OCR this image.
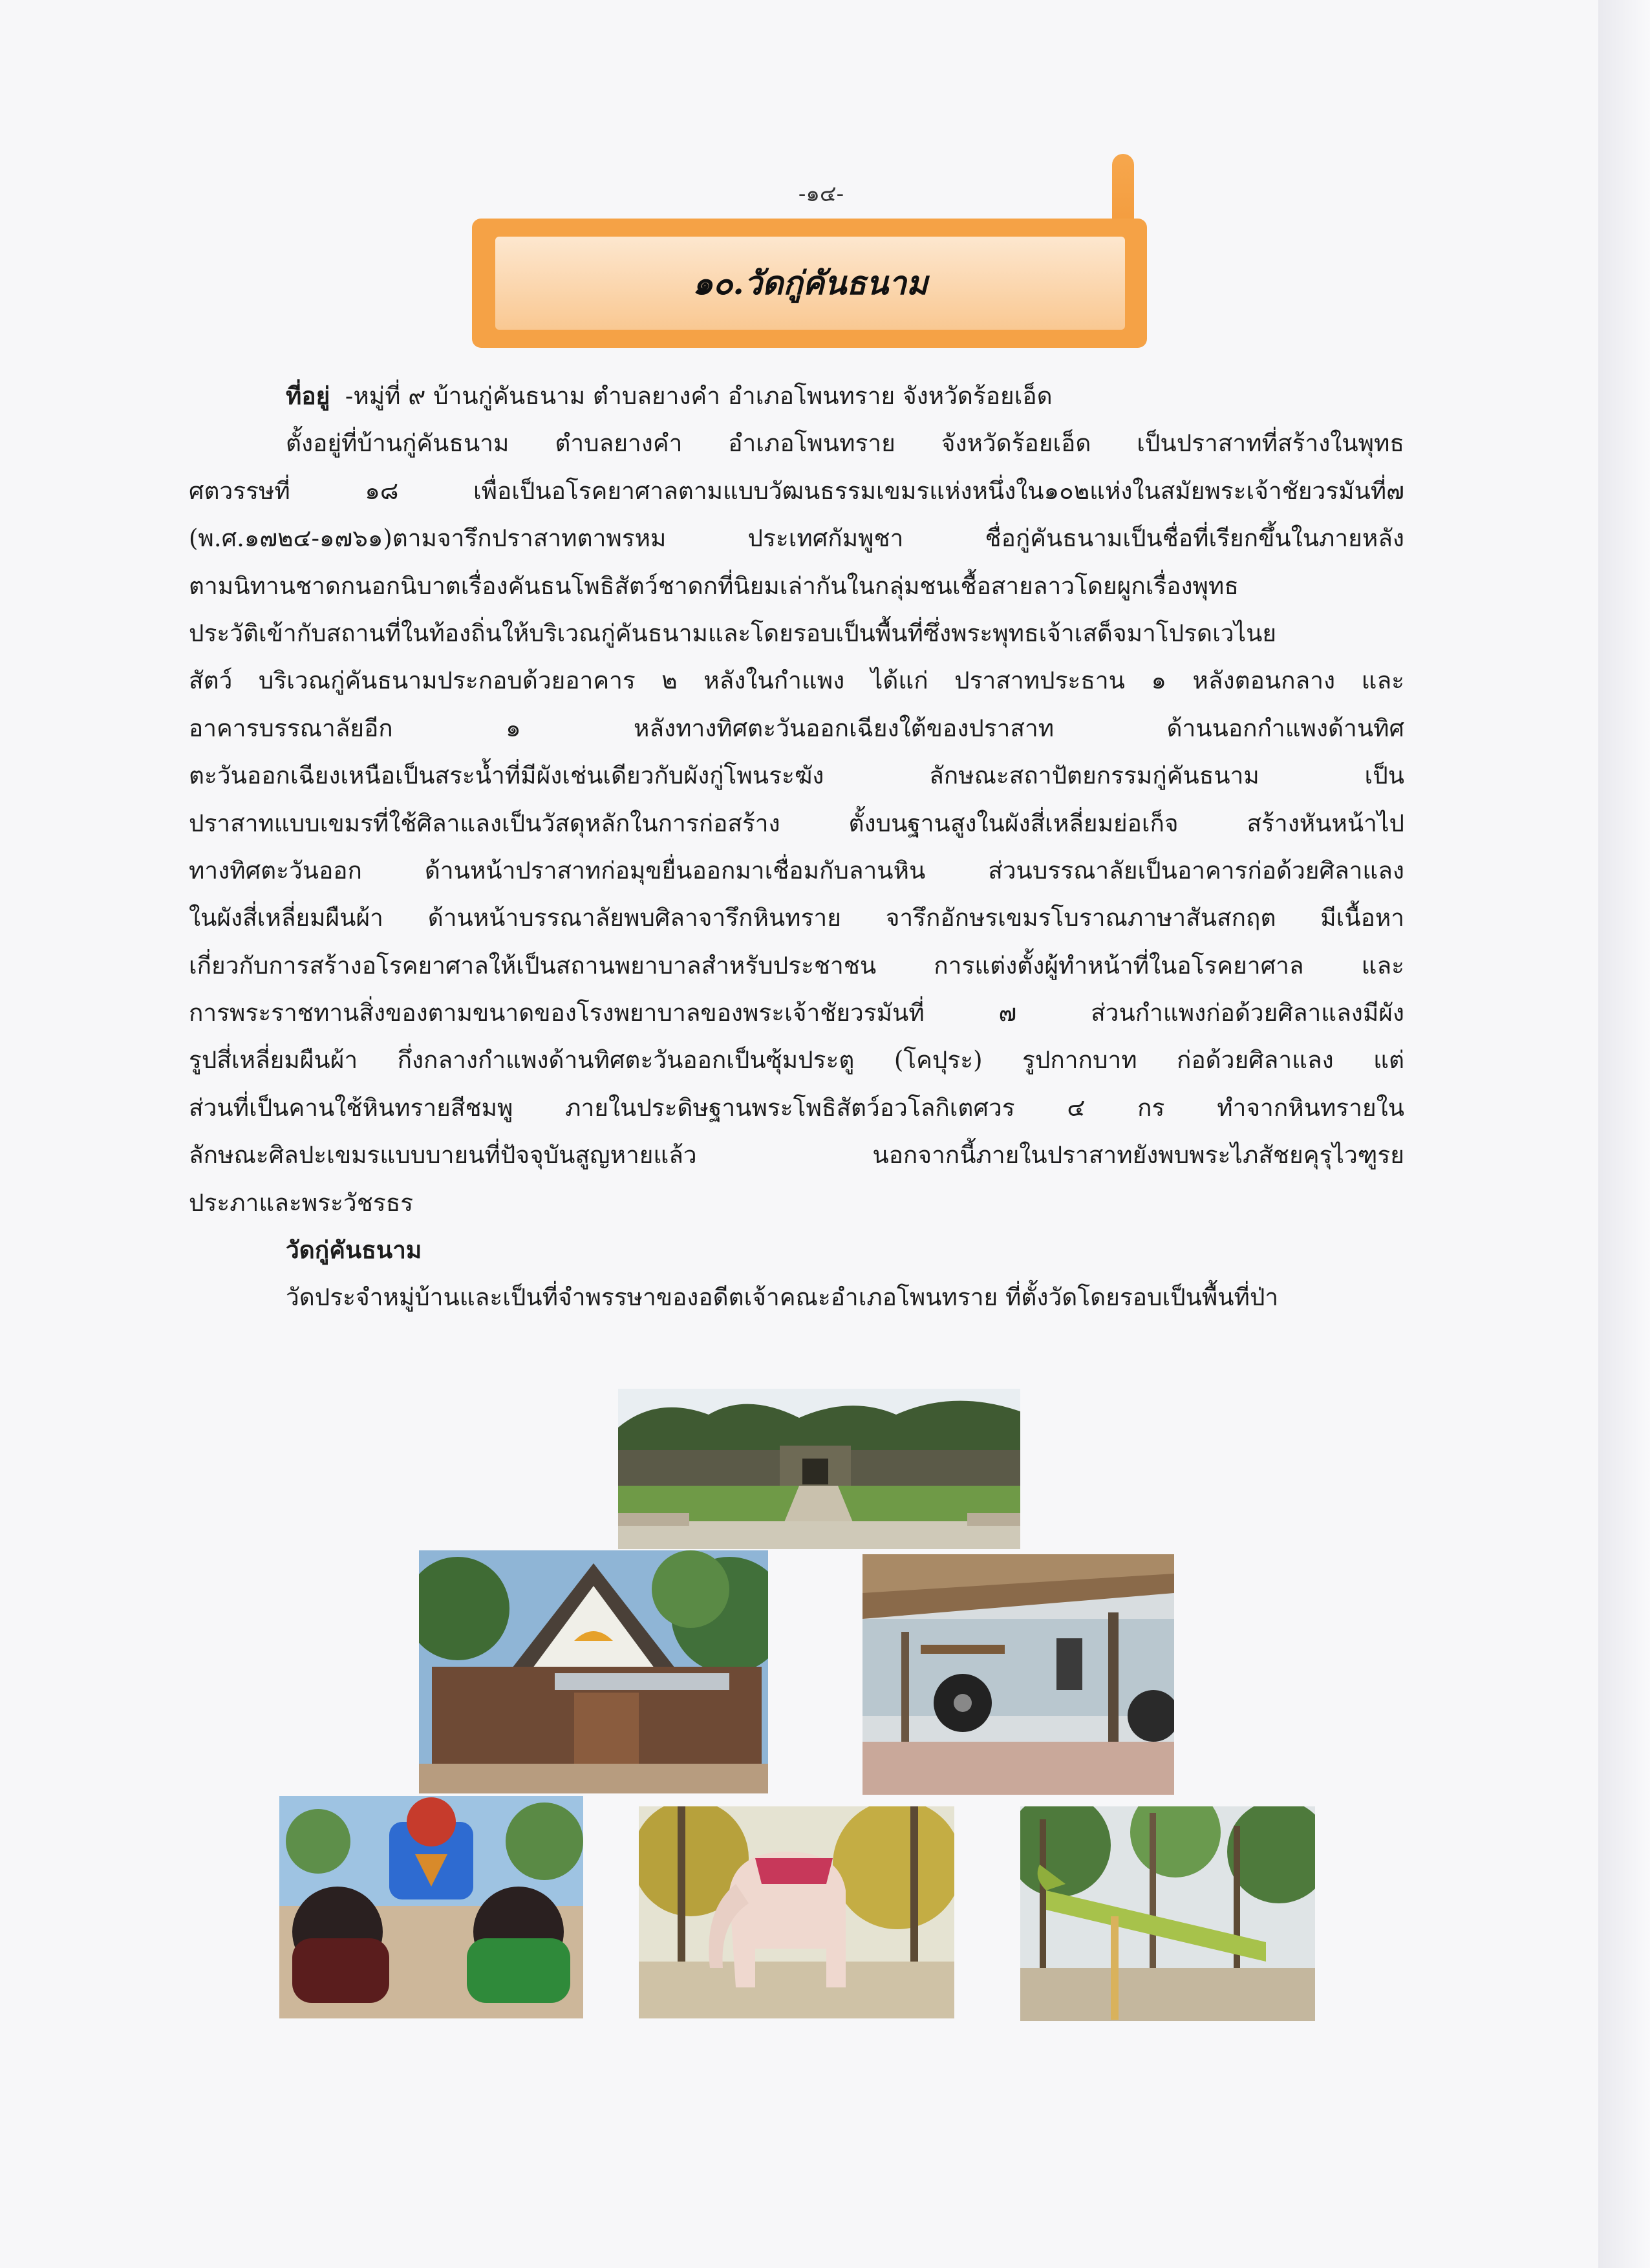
-๑๔-
๑๐.วัดกู่คันธนาม
ที่อยู่ -หมู่ที่ ๙ บ้านกู่คันธนาม ตำบลยางคำ อำเภอโพนทราย จังหวัดร้อยเอ็ด
ตั้งอยู่ที่บ้านกู่คันธนาม ตำบลยางคำ อำเภอโพนทราย จังหวัดร้อยเอ็ด เป็นปราสาทที่สร้างในพุทธ
ศตวรรษที่ ๑๘ เพื่อเป็นอโรคยาศาลตามแบบวัฒนธรรมเขมรแห่งหนึ่งใน๑๐๒แห่งในสมัยพระเจ้าชัยวรมันที่๗
(พ.ศ.๑๗๒๔-๑๗๖๑)ตามจารึกปราสาทตาพรหม ประเทศกัมพูชา ชื่อกู่คันธนามเป็นชื่อที่เรียกขึ้นในภายหลัง
ตามนิทานชาดกนอกนิบาตเรื่องคันธนโพธิสัตว์ชาดกที่นิยมเล่ากันในกลุ่มชนเชื้อสายลาวโดยผูกเรื่องพุทธ
ประวัติเข้ากับสถานที่ในท้องถิ่นให้บริเวณกู่คันธนามและโดยรอบเป็นพื้นที่ซึ่งพระพุทธเจ้าเสด็จมาโปรดเวไนย
สัตว์ บริเวณกู่คันธนามประกอบด้วยอาคาร ๒ หลังในกำแพง ได้แก่ ปราสาทประธาน ๑ หลังตอนกลาง และ
อาคารบรรณาลัยอีก ๑ หลังทางทิศตะวันออกเฉียงใต้ของปราสาท ด้านนอกกำแพงด้านทิศ
ตะวันออกเฉียงเหนือเป็นสระน้ำที่มีผังเช่นเดียวกับผังกู่โพนระฆัง ลักษณะสถาปัตยกรรมกู่คันธนาม เป็น
ปราสาทแบบเขมรที่ใช้ศิลาแลงเป็นวัสดุหลักในการก่อสร้าง ตั้งบนฐานสูงในผังสี่เหลี่ยมย่อเก็จ สร้างหันหน้าไป
ทางทิศตะวันออก ด้านหน้าปราสาทก่อมุขยื่นออกมาเชื่อมกับลานหิน ส่วนบรรณาลัยเป็นอาคารก่อด้วยศิลาแลง
ในผังสี่เหลี่ยมผืนผ้า ด้านหน้าบรรณาลัยพบศิลาจารึกหินทราย จารึกอักษรเขมรโบราณภาษาสันสกฤต มีเนื้อหา
เกี่ยวกับการสร้างอโรคยาศาลให้เป็นสถานพยาบาลสำหรับประชาชน การแต่งตั้งผู้ทำหน้าที่ในอโรคยาศาล และ
การพระราชทานสิ่งของตามขนาดของโรงพยาบาลของพระเจ้าชัยวรมันที่ ๗ ส่วนกำแพงก่อด้วยศิลาแลงมีผัง
รูปสี่เหลี่ยมผืนผ้า กึ่งกลางกำแพงด้านทิศตะวันออกเป็นซุ้มประตู (โคปุระ) รูปกากบาท ก่อด้วยศิลาแลง แต่
ส่วนที่เป็นคานใช้หินทรายสีชมพู ภายในประดิษฐานพระโพธิสัตว์อวโลกิเตศวร ๔ กร ทำจากหินทรายใน
ลักษณะศิลปะเขมรแบบบายนที่ปัจจุบันสูญหายแล้ว นอกจากนี้ภายในปราสาทยังพบพระไภสัชยคุรุไวฑูรย
ประภาและพระวัชรธร
วัดกู่คันธนาม
วัดประจำหมู่บ้านและเป็นที่จำพรรษาของอดีตเจ้าคณะอำเภอโพนทราย ที่ตั้งวัดโดยรอบเป็นพื้นที่ป่า
